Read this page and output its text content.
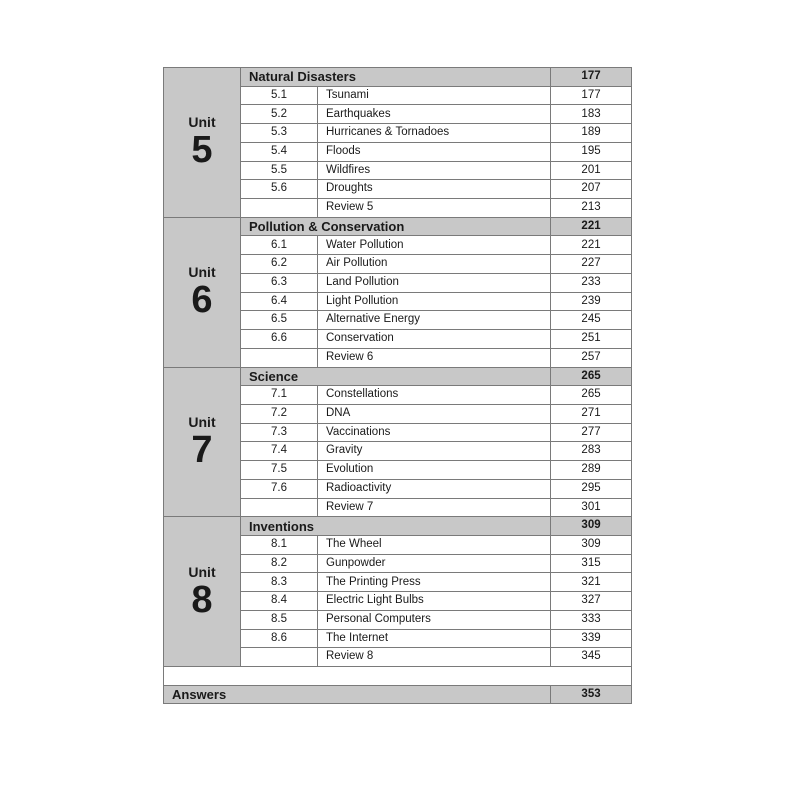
Unit
5	Natural Disasters		177
	5.1	Tsunami	177
	5.2	Earthquakes	183
	5.3	Hurricanes & Tornadoes	189
	5.4	Floods	195
	5.5	Wildfires	201
	5.6	Droughts	207
		Review 5	213

Unit
6	Pollution & Conservation		221
	6.1	Water Pollution	221
	6.2	Air Pollution	227
	6.3	Land Pollution	233
	6.4	Light Pollution	239
	6.5	Alternative Energy	245
	6.6	Conservation	251
		Review 6	257

Unit
7	Science		265
	7.1	Constellations	265
	7.2	DNA	271
	7.3	Vaccinations	277
	7.4	Gravity	283
	7.5	Evolution	289
	7.6	Radioactivity	295
		Review 7	301

Unit
8	Inventions		309
	8.1	The Wheel	309
	8.2	Gunpowder	315
	8.3	The Printing Press	321
	8.4	Electric Light Bulbs	327
	8.5	Personal Computers	333
	8.6	The Internet	339
		Review 8	345

Answers			353
